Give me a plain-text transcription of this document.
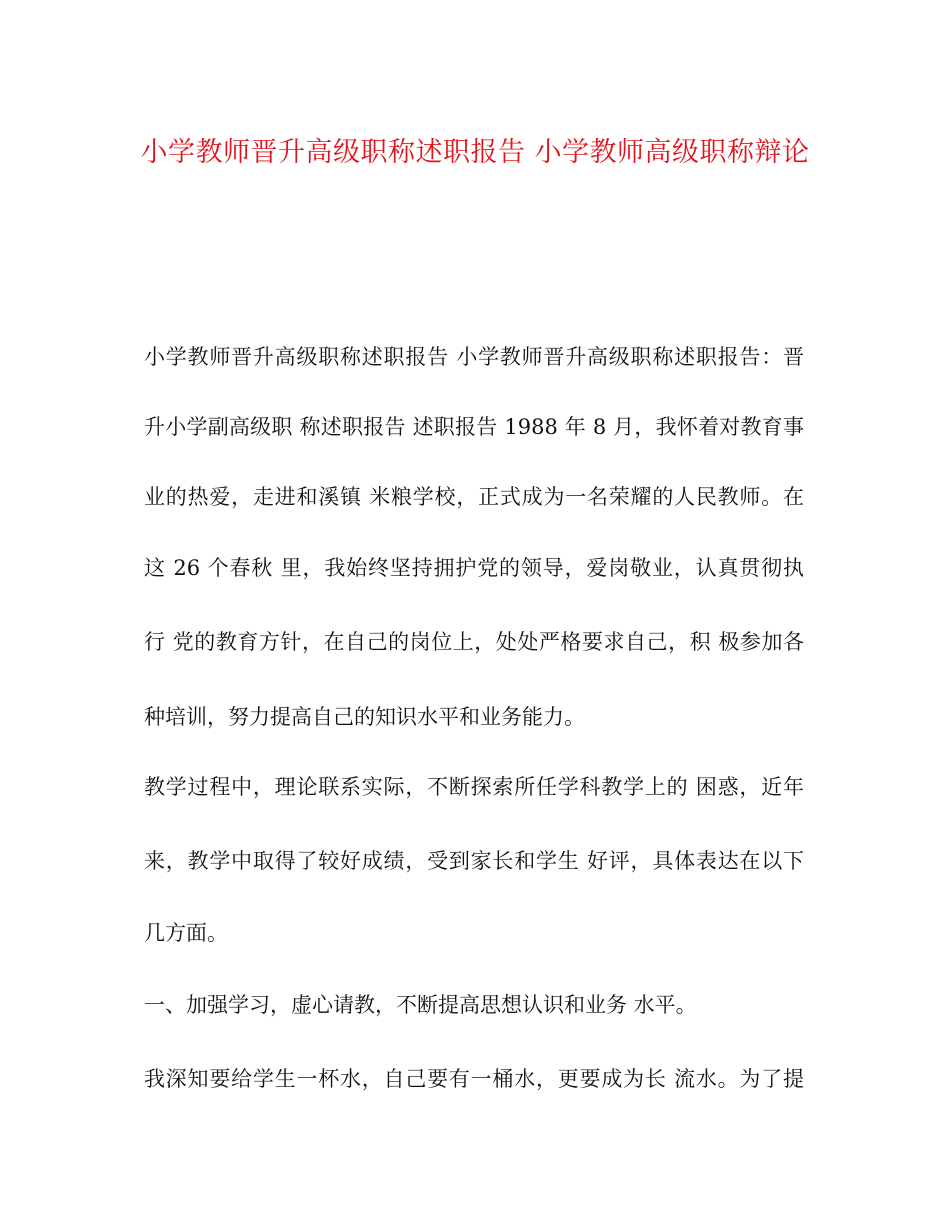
小学教师晋升高级职称述职报告 小学教师高级职称辩论
小学教师晋升高级职称述职报告 小学教师晋升高级职称述职报告：晋
升小学副高级职 称述职报告 述职报告 1988 年 8 月，我怀着对教育事
业的热爱，走进和溪镇 米粮学校，正式成为一名荣耀的人民教师。在
这 26 个春秋 里，我始终坚持拥护党的领导，爱岗敬业，认真贯彻执
行 党的教育方针，在自己的岗位上，处处严格要求自己，积 极参加各
种培训，努力提高自己的知识水平和业务能力。
教学过程中，理论联系实际，不断探索所任学科教学上的 困惑，近年
来，教学中取得了较好成绩，受到家长和学生 好评，具体表达在以下
几方面。
一、加强学习，虚心请教，不断提高思想认识和业务 水平。
我深知要给学生一杯水，自己要有一桶水，更要成为长 流水。为了提
